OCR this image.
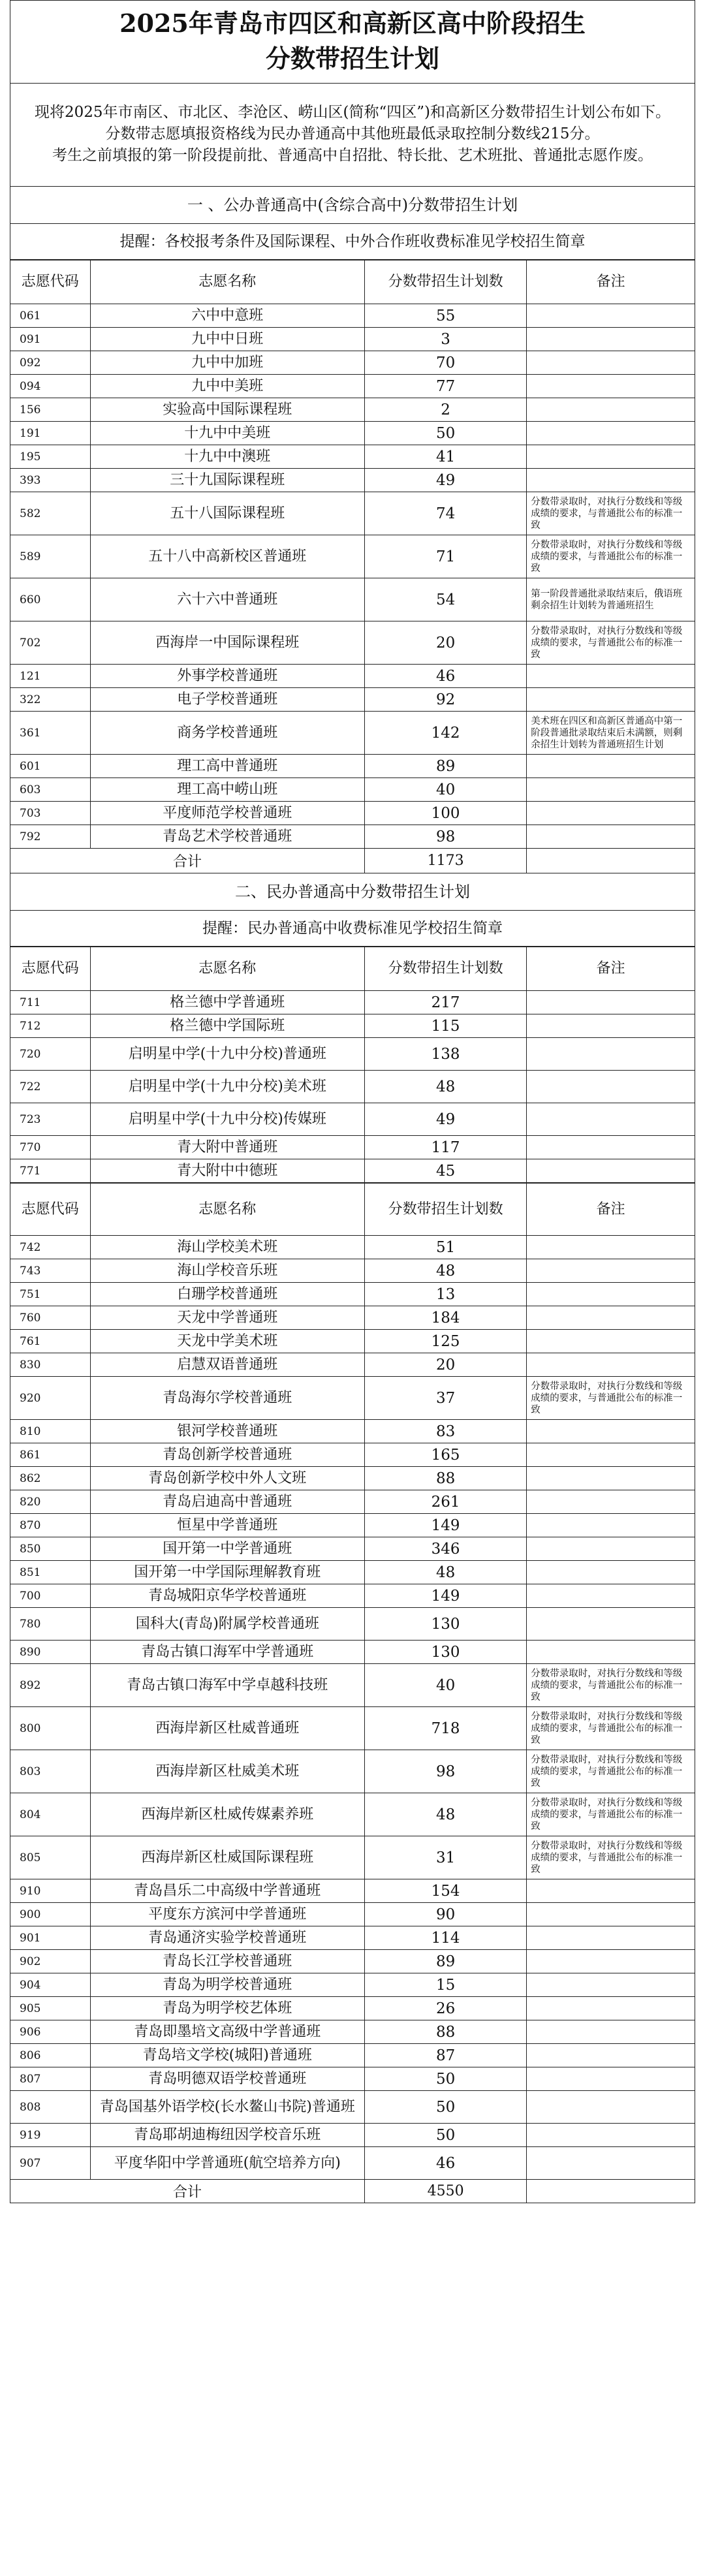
2025年青岛市四区和高新区高中阶段招生
分数带招生计划

现将2025年市南区、市北区、李沧区、崂山区(简称“四区”)和高新区分数带招生计划公布如下。

分数带志愿填报资格线为民办普通高中其他班最低录取控制分数线215分。

考生之前填报的第一阶段提前批、普通高中自招批、特长批、艺术班批、普通批志愿作废。

一 、公办普通高中(含综合高中)分数带招生计划
提醒：各校报考条件及国际课程、中外合作班收费标准见学校招生简章
志愿代码	志愿名称	分数带招生计划数	备注
061	六中中意班	55	
091	九中中日班	3	
092	九中中加班	70	
094	九中中美班	77	
156	实验高中国际课程班	2	
191	十九中中美班	50	
195	十九中中澳班	41	
393	三十九国际课程班	49	
582	五十八国际课程班	74	分数带录取时，对执行分数线和等级成绩的要求，与普通批公布的标准一致
589	五十八中高新校区普通班	71	分数带录取时，对执行分数线和等级成绩的要求，与普通批公布的标准一致
660	六十六中普通班	54	第一阶段普通批录取结束后，俄语班剩余招生计划转为普通班招生
702	西海岸一中国际课程班	20	分数带录取时，对执行分数线和等级成绩的要求，与普通批公布的标准一致
121	外事学校普通班	46	
322	电子学校普通班	92	
361	商务学校普通班	142	美术班在四区和高新区普通高中第一阶段普通批录取结束后未满额，则剩余招生计划转为普通班招生计划
601	理工高中普通班	89	
603	理工高中崂山班	40	
703	平度师范学校普通班	100	
792	青岛艺术学校普通班	98	
合计		1173	
二、民办普通高中分数带招生计划
提醒：民办普通高中收费标准见学校招生简章
志愿代码	志愿名称	分数带招生计划数	备注
711	格兰德中学普通班	217	
712	格兰德中学国际班	115	
720	启明星中学(十九中分校)普通班	138	
722	启明星中学(十九中分校)美术班	48	
723	启明星中学(十九中分校)传媒班	49	
770	青大附中普通班	117	
771	青大附中中德班	45	
志愿代码	志愿名称	分数带招生计划数	备注
742	海山学校美术班	51	
743	海山学校音乐班	48	
751	白珊学校普通班	13	
760	天龙中学普通班	184	
761	天龙中学美术班	125	
830	启慧双语普通班	20	
920	青岛海尔学校普通班	37	分数带录取时，对执行分数线和等级成绩的要求，与普通批公布的标准一致
810	银河学校普通班	83	
861	青岛创新学校普通班	165	
862	青岛创新学校中外人文班	88	
820	青岛启迪高中普通班	261	
870	恒星中学普通班	149	
850	国开第一中学普通班	346	
851	国开第一中学国际理解教育班	48	
700	青岛城阳京华学校普通班	149	
780	国科大(青岛)附属学校普通班	130	
890	青岛古镇口海军中学普通班	130	
892	青岛古镇口海军中学卓越科技班	40	分数带录取时，对执行分数线和等级成绩的要求，与普通批公布的标准一致
800	西海岸新区杜威普通班	718	分数带录取时，对执行分数线和等级成绩的要求，与普通批公布的标准一致
803	西海岸新区杜威美术班	98	分数带录取时，对执行分数线和等级成绩的要求，与普通批公布的标准一致
804	西海岸新区杜威传媒素养班	48	分数带录取时，对执行分数线和等级成绩的要求，与普通批公布的标准一致
805	西海岸新区杜威国际课程班	31	分数带录取时，对执行分数线和等级成绩的要求，与普通批公布的标准一致
910	青岛昌乐二中高级中学普通班	154	
900	平度东方滨河中学普通班	90	
901	青岛通济实验学校普通班	114	
902	青岛长江学校普通班	89	
904	青岛为明学校普通班	15	
905	青岛为明学校艺体班	26	
906	青岛即墨培文高级中学普通班	88	
806	青岛培文学校(城阳)普通班	87	
807	青岛明德双语学校普通班	50	
808	青岛国基外语学校(长水鳌山书院)普通班	50	
919	青岛耶胡迪梅纽因学校音乐班	50	
907	平度华阳中学普通班(航空培养方向)	46	
合计		4550	
